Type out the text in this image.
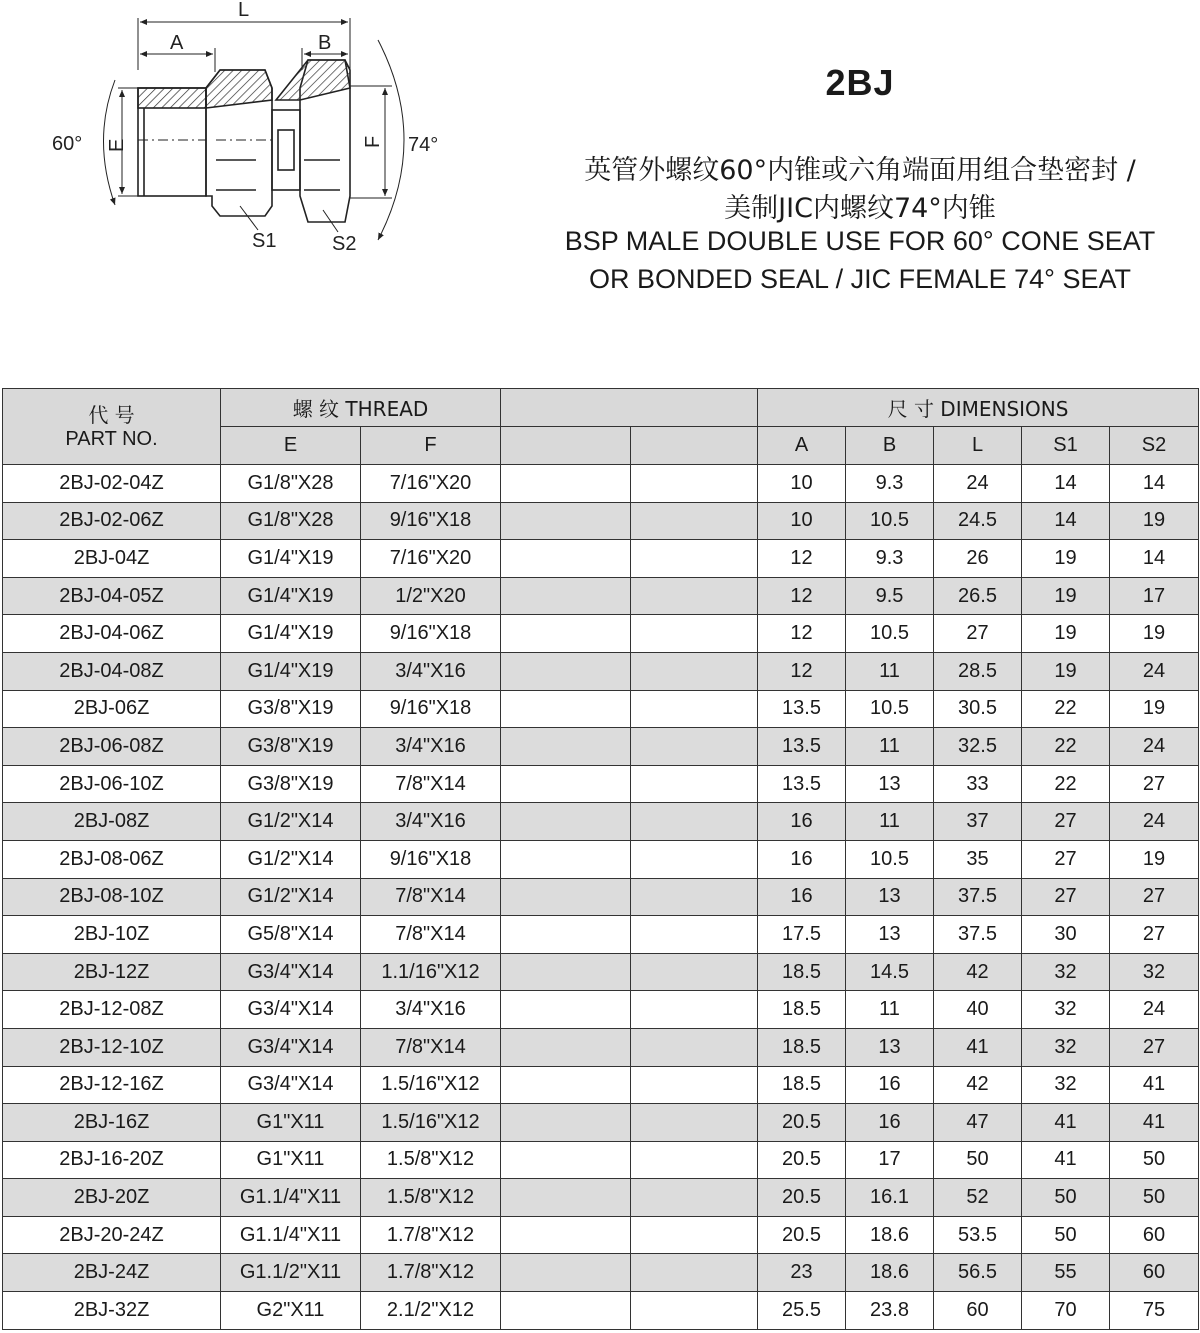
L
A	B
E
60°	F 74°
S1	S2
2BJ
英管外螺纹60°内锥或六角端面用组合垫密封 /
美制JIC内螺纹74°内锥
BSP MALE DOUBLE USE FOR 60° CONE SEAT
OR BONDED SEAL / JIC FEMALE 74° SEAT
代 号
PART NO.	螺 纹 THREAD				尺 寸 DIMENSIONS				
	E	F			A	B	L	S1	S2
2BJ-02-04Z	G1/8"X28	7/16"X20			10	9.3	24	14	14
2BJ-02-06Z	G1/8"X28	9/16"X18			10	10.5	24.5	14	19
2BJ-04Z	G1/4"X19	7/16"X20			12	9.3	26	19	14
2BJ-04-05Z	G1/4"X19	1/2"X20			12	9.5	26.5	19	17
2BJ-04-06Z	G1/4"X19	9/16"X18			12	10.5	27	19	19
2BJ-04-08Z	G1/4"X19	3/4"X16			12	11	28.5	19	24
2BJ-06Z	G3/8"X19	9/16"X18			13.5	10.5	30.5	22	19
2BJ-06-08Z	G3/8"X19	3/4"X16			13.5	11	32.5	22	24
2BJ-06-10Z	G3/8"X19	7/8"X14			13.5	13	33	22	27
2BJ-08Z	G1/2"X14	3/4"X16			16	11	37	27	24
2BJ-08-06Z	G1/2"X14	9/16"X18			16	10.5	35	27	19
2BJ-08-10Z	G1/2"X14	7/8"X14			16	13	37.5	27	27
2BJ-10Z	G5/8"X14	7/8"X14			17.5	13	37.5	30	27
2BJ-12Z	G3/4"X14	1.1/16"X12			18.5	14.5	42	32	32
2BJ-12-08Z	G3/4"X14	3/4"X16			18.5	11	40	32	24
2BJ-12-10Z	G3/4"X14	7/8"X14			18.5	13	41	32	27
2BJ-12-16Z	G3/4"X14	1.5/16"X12			18.5	16	42	32	41
2BJ-16Z	G1"X11	1.5/16"X12			20.5	16	47	41	41
2BJ-16-20Z	G1"X11	1.5/8"X12			20.5	17	50	41	50
2BJ-20Z	G1.1/4"X11	1.5/8"X12			20.5	16.1	52	50	50
2BJ-20-24Z	G1.1/4"X11	1.7/8"X12			20.5	18.6	53.5	50	60
2BJ-24Z	G1.1/2"X11	1.7/8"X12			23	18.6	56.5	55	60
2BJ-32Z	G2"X11	2.1/2"X12			25.5	23.8	60	70	75
